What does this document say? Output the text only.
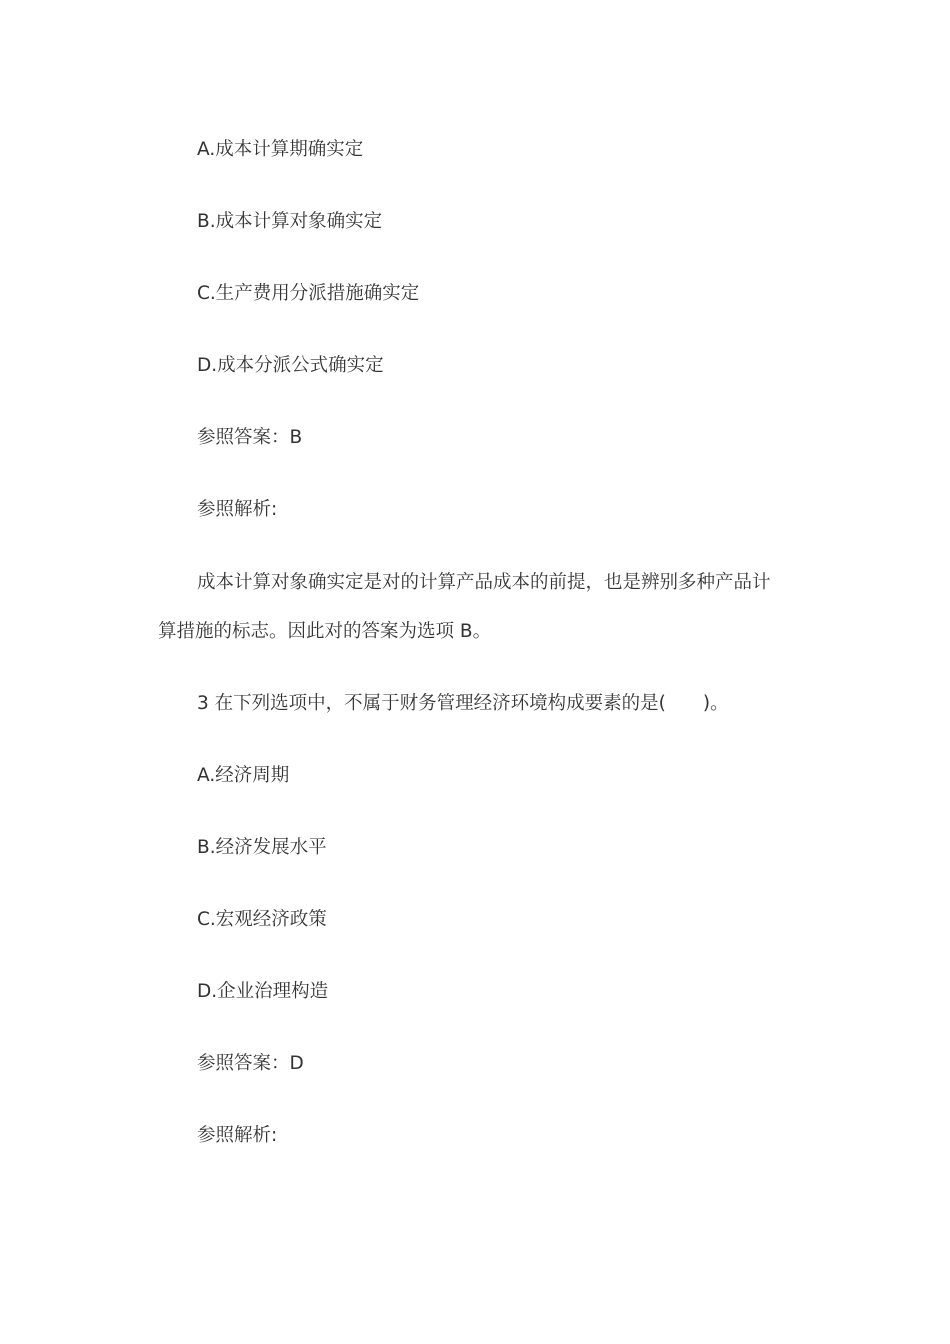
A.成本计算期确实定
B.成本计算对象确实定
C.生产费用分派措施确实定
D.成本分派公式确实定
参照答案：B
参照解析:
成本计算对象确实定是对的计算产品成本的前提，也是辨别多种产品计
算措施的标志。因此对的答案为选项 B。
3 在下列选项中，不属于财务管理经济环境构成要素的是(　　)。
A.经济周期
B.经济发展水平
C.宏观经济政策
D.企业治理构造
参照答案：D
参照解析:
